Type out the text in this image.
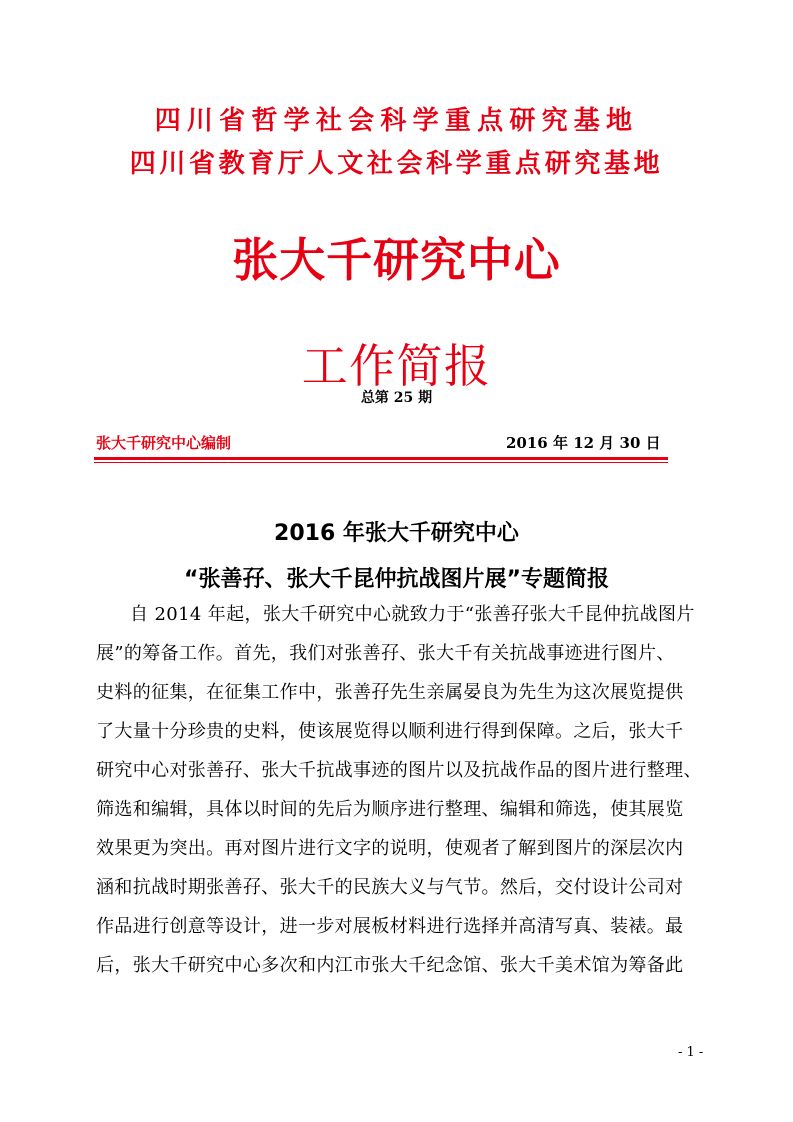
四川省哲学社会科学重点研究基地
四川省教育厅人文社会科学重点研究基地
张大千研究中心
工作简报
总第 25 期
张大千研究中心编制	2016 年 12 月 30 日
2016 年张大千研究中心
“张善孖、张大千昆仲抗战图片展”专题简报
自 2014 年起，张大千研究中心就致力于“张善孖张大千昆仲抗战图片
展”的筹备工作。首先，我们对张善孖、张大千有关抗战事迹进行图片、
史料的征集，在征集工作中，张善孖先生亲属晏良为先生为这次展览提供
了大量十分珍贵的史料，使该展览得以顺利进行得到保障。之后，张大千
研究中心对张善孖、张大千抗战事迹的图片以及抗战作品的图片进行整理、
筛选和编辑，具体以时间的先后为顺序进行整理、编辑和筛选，使其展览
效果更为突出。再对图片进行文字的说明，使观者了解到图片的深层次内
涵和抗战时期张善孖、张大千的民族大义与气节。然后，交付设计公司对
作品进行创意等设计，进一步对展板材料进行选择并高清写真、装裱。最
后，张大千研究中心多次和内江市张大千纪念馆、张大千美术馆为筹备此
- 1 -
